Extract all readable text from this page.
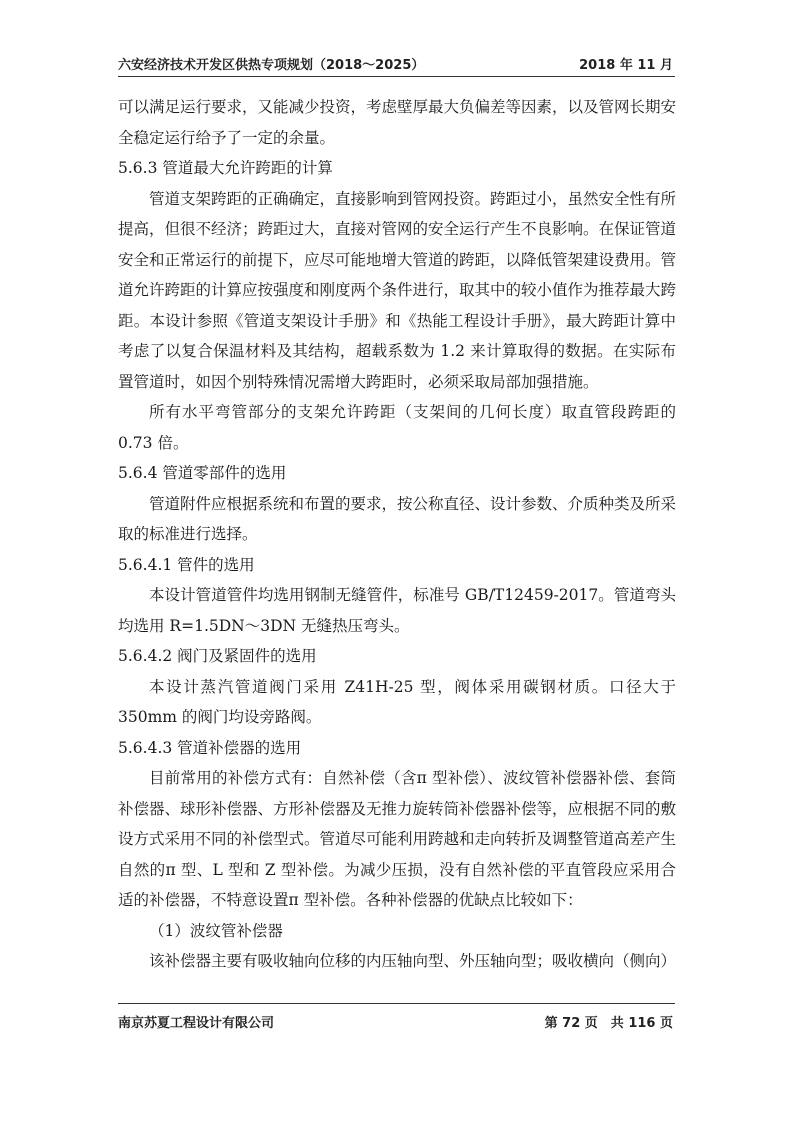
六安经济技术开发区供热专项规划（2018～2025）	2018 年 11 月

可以满足运行要求，又能减少投资，考虑壁厚最大负偏差等因素，以及管网长期安全稳定运行给予了一定的余量。

5.6.3 管道最大允许跨距的计算

管道支架跨距的正确确定，直接影响到管网投资。跨距过小，虽然安全性有所提高，但很不经济；跨距过大，直接对管网的安全运行产生不良影响。在保证管道安全和正常运行的前提下，应尽可能地增大管道的跨距，以降低管架建设费用。管道允许跨距的计算应按强度和刚度两个条件进行，取其中的较小值作为推荐最大跨距。本设计参照《管道支架设计手册》和《热能工程设计手册》，最大跨距计算中考虑了以复合保温材料及其结构，超载系数为 1.2 来计算取得的数据。在实际布置管道时，如因个别特殊情况需增大跨距时，必须采取局部加强措施。

所有水平弯管部分的支架允许跨距（支架间的几何长度）取直管段跨距的 0.73 倍。

5.6.4 管道零部件的选用

管道附件应根据系统和布置的要求，按公称直径、设计参数、介质种类及所采取的标准进行选择。

5.6.4.1 管件的选用

本设计管道管件均选用钢制无缝管件，标准号 GB/T12459-2017。管道弯头均选用 R=1.5DN～3DN 无缝热压弯头。

5.6.4.2 阀门及紧固件的选用

本设计蒸汽管道阀门采用 Z41H-25 型，阀体采用碳钢材质。口径大于 350mm 的阀门均设旁路阀。

5.6.4.3 管道补偿器的选用

目前常用的补偿方式有：自然补偿（含π 型补偿）、波纹管补偿器补偿、套筒补偿器、球形补偿器、方形补偿器及无推力旋转筒补偿器补偿等，应根据不同的敷设方式采用不同的补偿型式。管道尽可能利用跨越和走向转折及调整管道高差产生自然的π 型、L 型和 Z 型补偿。为减少压损，没有自然补偿的平直管段应采用合适的补偿器，不特意设置π 型补偿。各种补偿器的优缺点比较如下：

（1）波纹管补偿器

该补偿器主要有吸收轴向位移的内压轴向型、外压轴向型；吸收横向（侧向）

南京苏夏工程设计有限公司	第 72 页　共 116 页
